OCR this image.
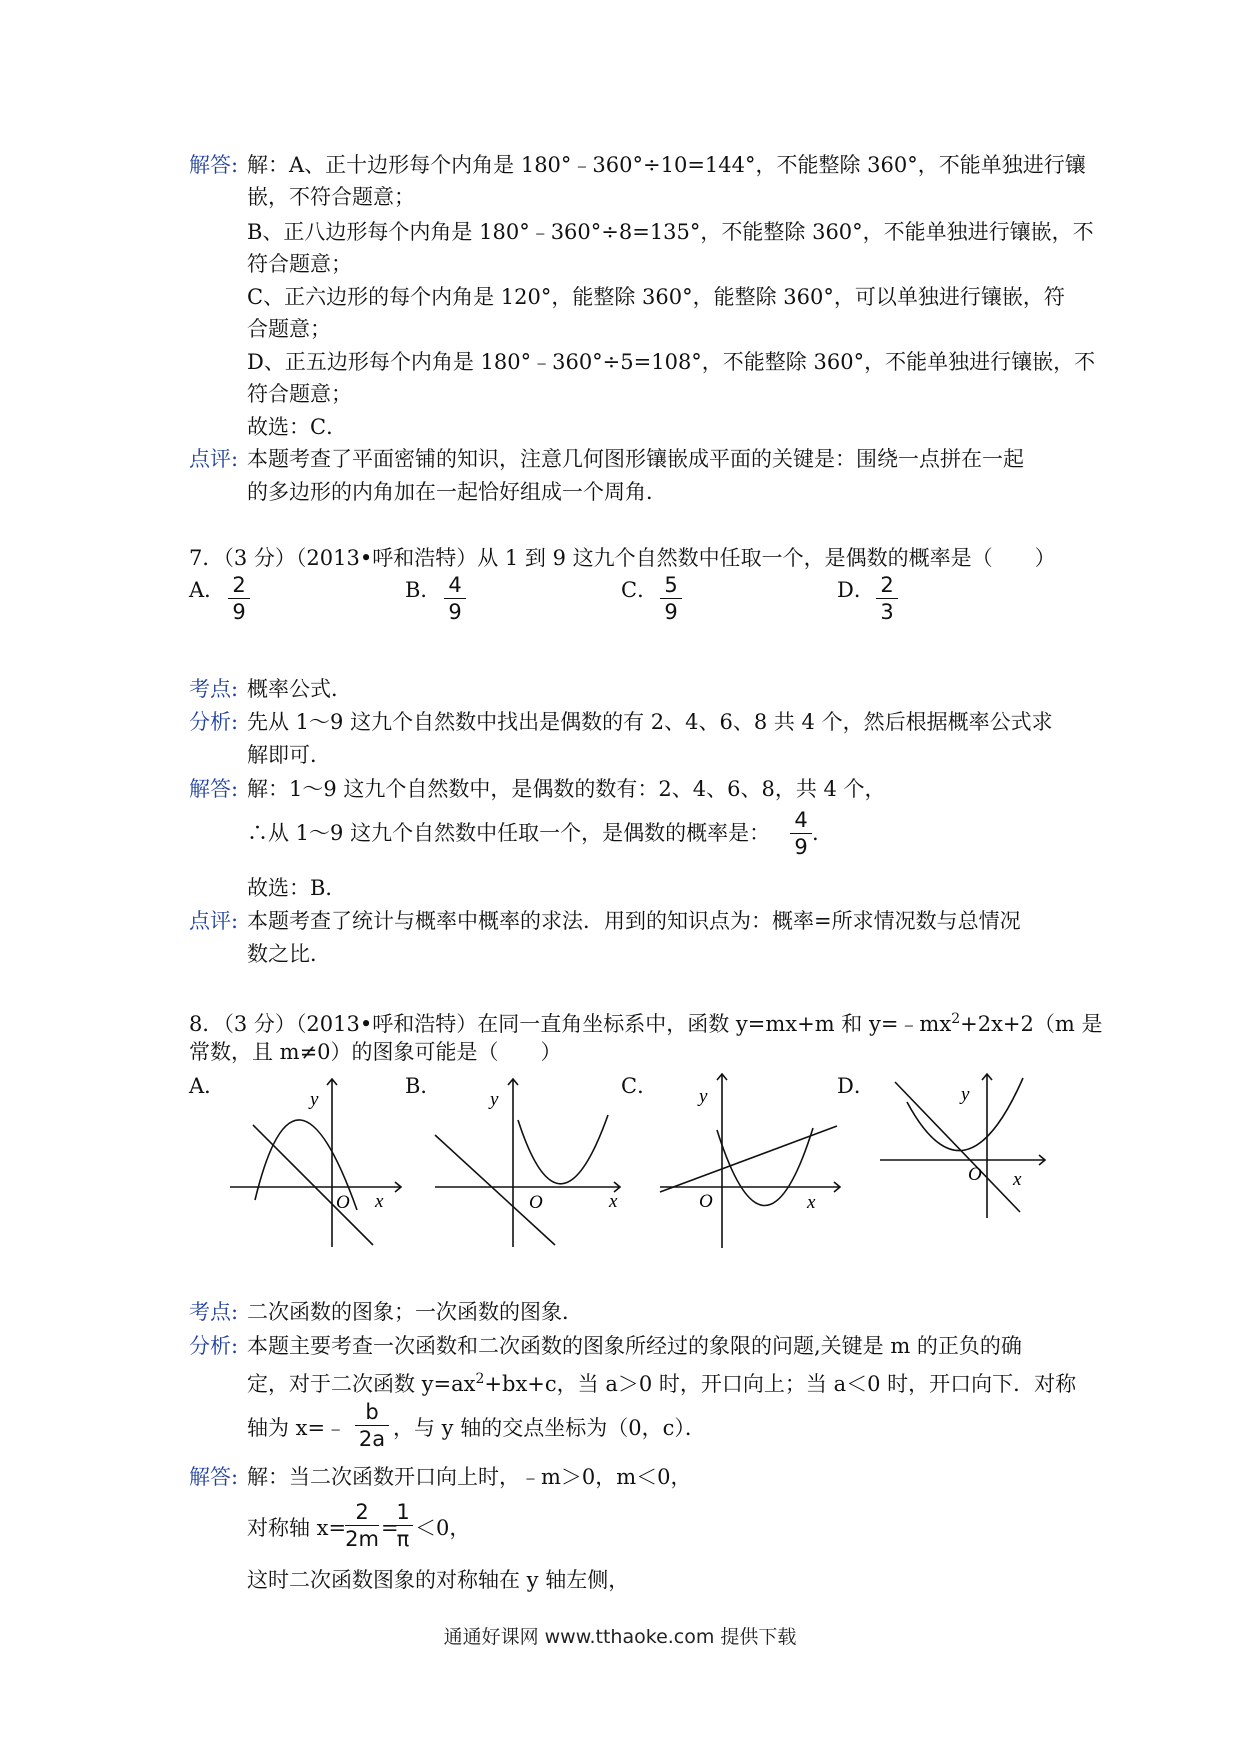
解答: 解：A、正十边形每个内角是 180°﹣360°÷10=144°，不能整除 360°，不能单独进行镶
嵌，不符合题意；
B、正八边形每个内角是 180°﹣360°÷8=135°，不能整除 360°，不能单独进行镶嵌，不
符合题意；
C、正六边形的每个内角是 120°，能整除 360°，能整除 360°，可以单独进行镶嵌，符
合题意；
D、正五边形每个内角是 180°﹣360°÷5=108°，不能整除 360°，不能单独进行镶嵌，不
符合题意；
故选：C．
点评: 本题考查了平面密铺的知识，注意几何图形镶嵌成平面的关键是：围绕一点拼在一起
的多边形的内角加在一起恰好组成一个周角．
7．（3 分）（2013•呼和浩特）从 1 到 9 这九个自然数中任取一个，是偶数的概率是（　　）
A． 2
9
B． 4
9
C． 5
9
D． 2
3
考点: 概率公式．
分析: 先从 1～9 这九个自然数中找出是偶数的有 2、4、6、8 共 4 个，然后根据概率公式求
解即可．
解答: 解：1～9 这九个自然数中，是偶数的数有：2、4、6、8，共 4 个，
∴从 1～9 这九个自然数中任取一个，是偶数的概率是：
4
9
.
故选：B．
点评: 本题考查了统计与概率中概率的求法．用到的知识点为：概率=所求情况数与总情况
数之比．
8．（3 分）（2013•呼和浩特）在同一直角坐标系中，函数 y=mx+m 和 $y=﹣mx^2+2x+2(m$ 是
常数，且 m≠0）的图象可能是（　　）
A．	B．	C．	D．
y
x
O
y
x
O
y
x
O
y
x
O
考点: 二次函数的图象；一次函数的图象．
分析: 本题主要考查一次函数和二次函数的图象所经过的象限的问题,关键是 m 的正负的确
定，对于二次函数 $y=ax^2+bx+c$，当 a＞0 时，开口向上；当 a＜0 时，开口向下．对称
轴为 x=﹣
b
2a ，与 y 轴的交点坐标为（0，c）．
解答: 解：当二次函数开口向上时，﹣m＞0，m＜0，
对称轴 x=
2
2m =
1
π ＜0，
这时二次函数图象的对称轴在 y 轴左侧，
通通好课网 www.tthaoke.com 提供下载
